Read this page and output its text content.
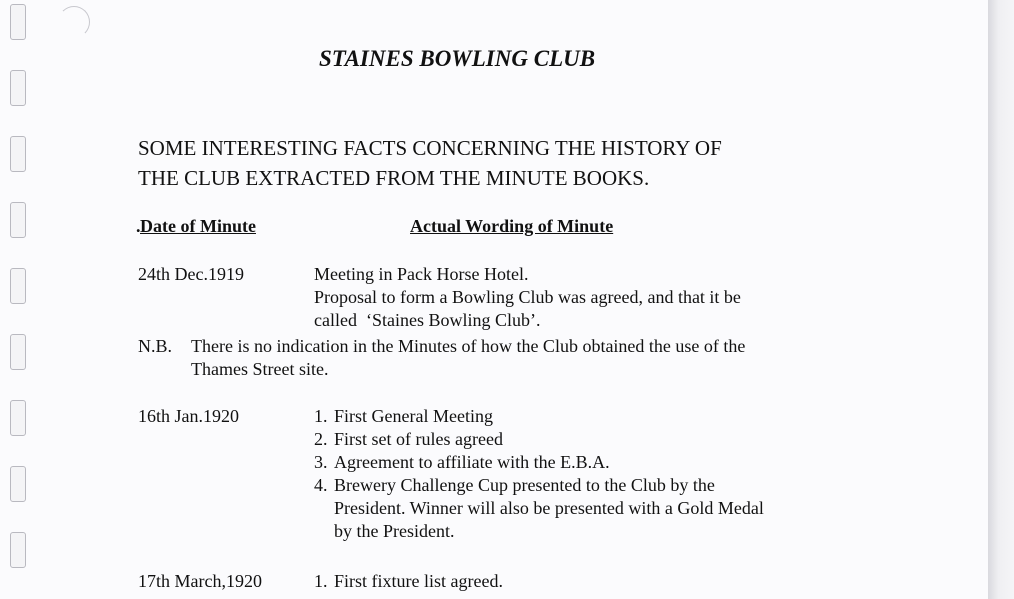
STAINES BOWLING CLUB
SOME INTERESTING FACTS CONCERNING THE HISTORY OF
THE CLUB EXTRACTED FROM THE MINUTE BOOKS.
. Date of Minute	Actual Wording of Minute
24th Dec.1919	Meeting in Pack Horse Hotel.
Proposal to form a Bowling Club was agreed, and that it be
called  ‘Staines Bowling Club’.
N.B. There is no indication in the Minutes of how the Club obtained the use of the
Thames Street site.
16th Jan.1920	1. First General Meeting
2. First set of rules agreed
3. Agreement to affiliate with the E.B.A.
4. Brewery Challenge Cup presented to the Club by the
President. Winner will also be presented with a Gold Medal
by the President.
17th March,1920	1. First fixture list agreed.
